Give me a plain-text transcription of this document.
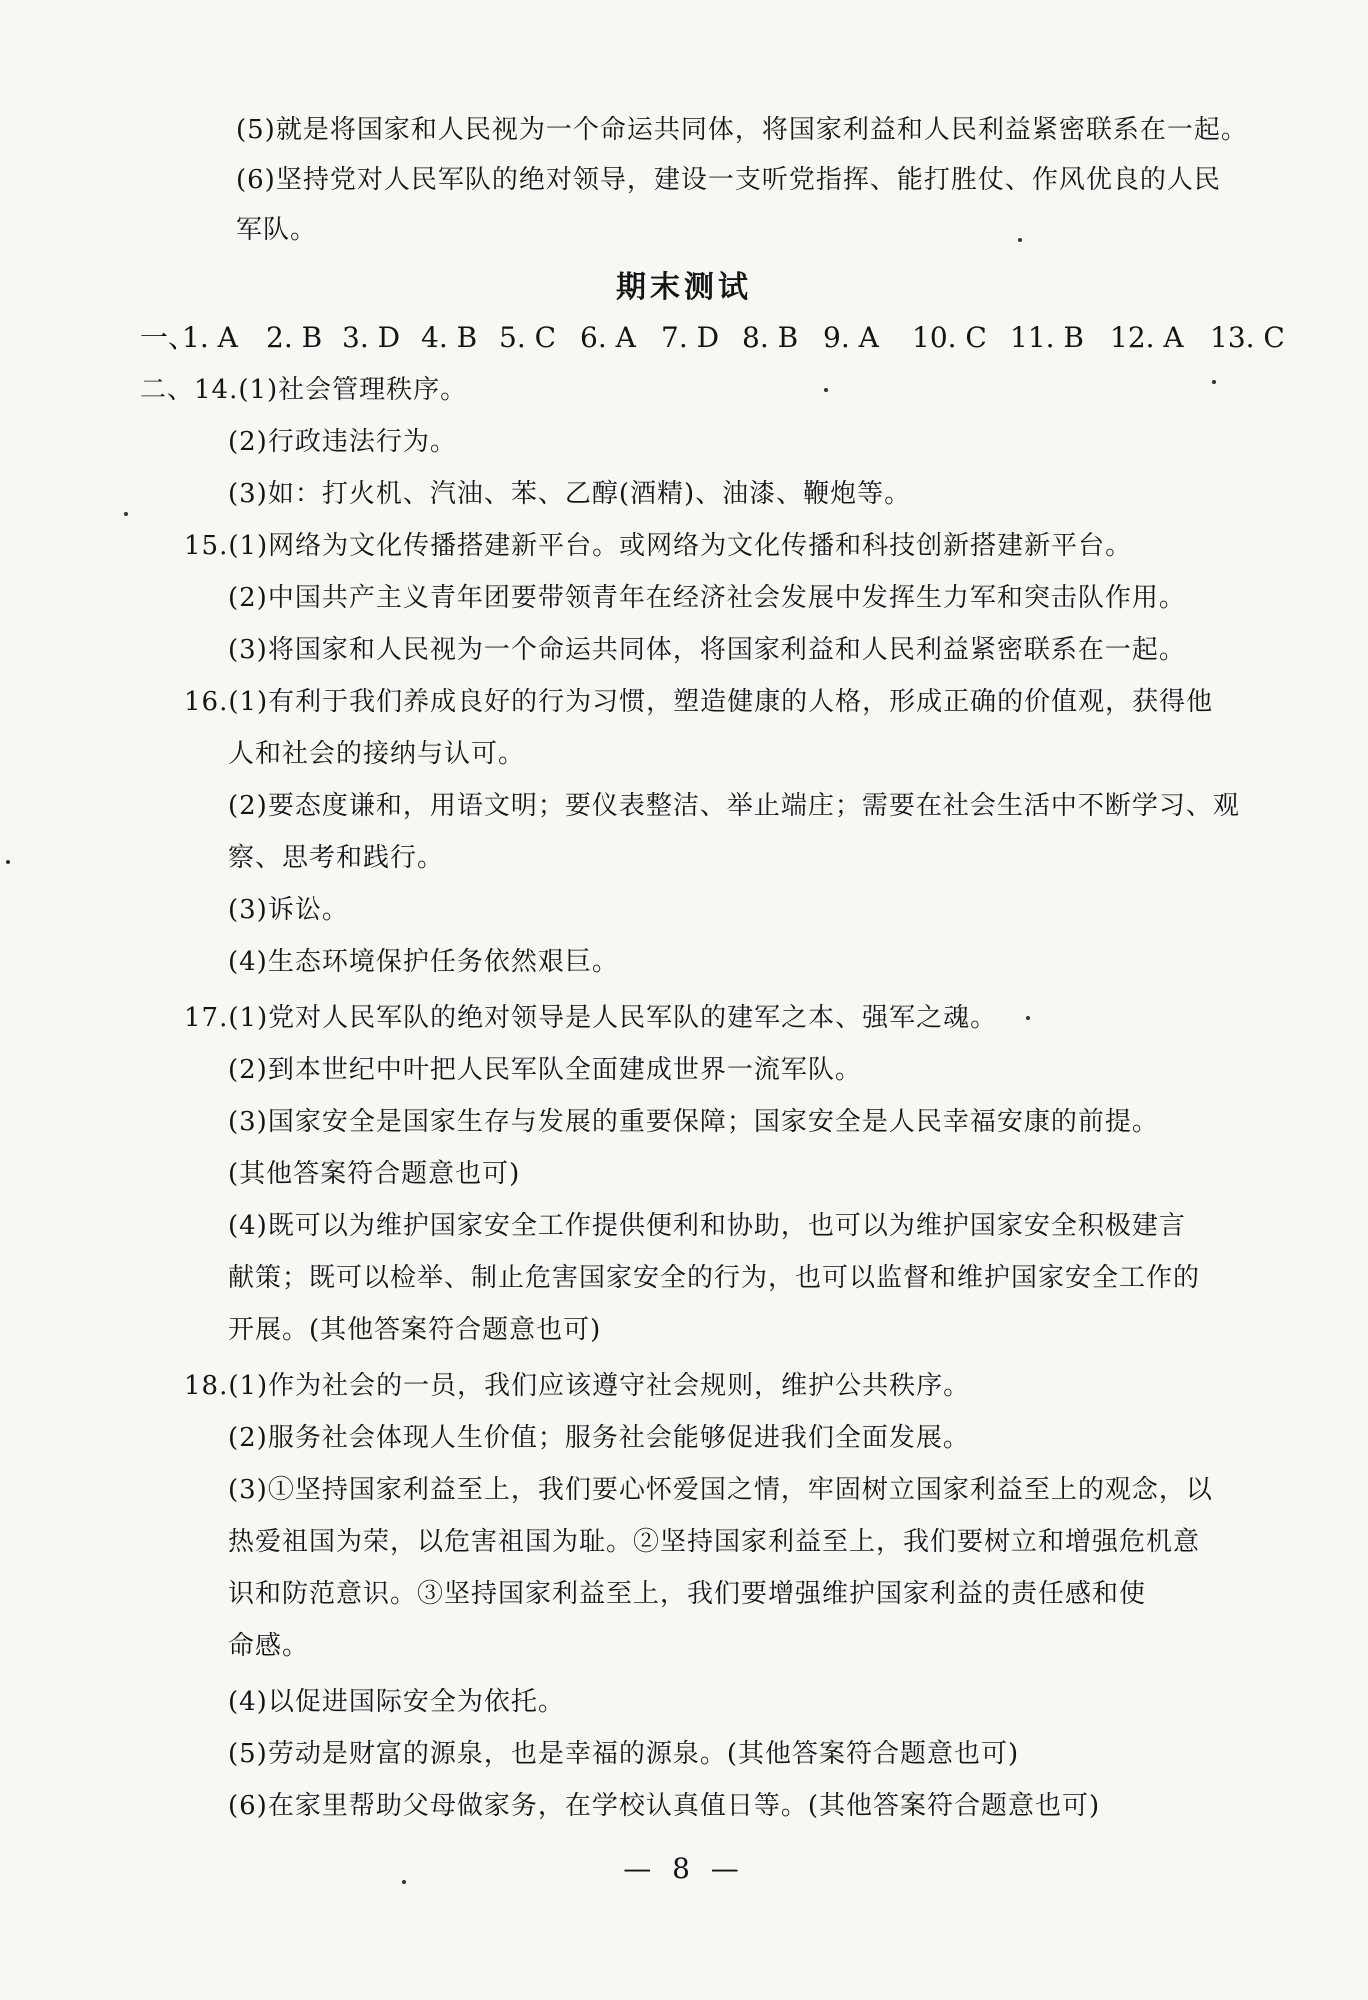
(5)就是将国家和人民视为一个命运共同体，将国家利益和人民利益紧密联系在一起。
(6)坚持党对人民军队的绝对领导，建设一支听党指挥、能打胜仗、作风优良的人民
军队。
期末测试
一、
1. A 2. B 3. D 4. B 5. C 6. A 7. D 8. B 9. A 10. C 11. B 12. A 13. C
二、14.(1)社会管理秩序。
(2)行政违法行为。
(3)如：打火机、汽油、苯、乙醇(酒精)、油漆、鞭炮等。
15.(1)网络为文化传播搭建新平台。或网络为文化传播和科技创新搭建新平台。
(2)中国共产主义青年团要带领青年在经济社会发展中发挥生力军和突击队作用。
(3)将国家和人民视为一个命运共同体，将国家利益和人民利益紧密联系在一起。
16.(1)有利于我们养成良好的行为习惯，塑造健康的人格，形成正确的价值观，获得他
人和社会的接纳与认可。
(2)要态度谦和，用语文明；要仪表整洁、举止端庄；需要在社会生活中不断学习、观
察、思考和践行。
(3)诉讼。
(4)生态环境保护任务依然艰巨。
17.(1)党对人民军队的绝对领导是人民军队的建军之本、强军之魂。
(2)到本世纪中叶把人民军队全面建成世界一流军队。
(3)国家安全是国家生存与发展的重要保障；国家安全是人民幸福安康的前提。
(其他答案符合题意也可)
(4)既可以为维护国家安全工作提供便利和协助，也可以为维护国家安全积极建言
献策；既可以检举、制止危害国家安全的行为，也可以监督和维护国家安全工作的
开展。(其他答案符合题意也可)
18.(1)作为社会的一员，我们应该遵守社会规则，维护公共秩序。
(2)服务社会体现人生价值；服务社会能够促进我们全面发展。
(3)①坚持国家利益至上，我们要心怀爱国之情，牢固树立国家利益至上的观念，以
热爱祖国为荣，以危害祖国为耻。②坚持国家利益至上，我们要树立和增强危机意
识和防范意识。③坚持国家利益至上，我们要增强维护国家利益的责任感和使
命感。
(4)以促进国际安全为依托。
(5)劳动是财富的源泉，也是幸福的源泉。(其他答案符合题意也可)
(6)在家里帮助父母做家务，在学校认真值日等。(其他答案符合题意也可)
— 8 —
